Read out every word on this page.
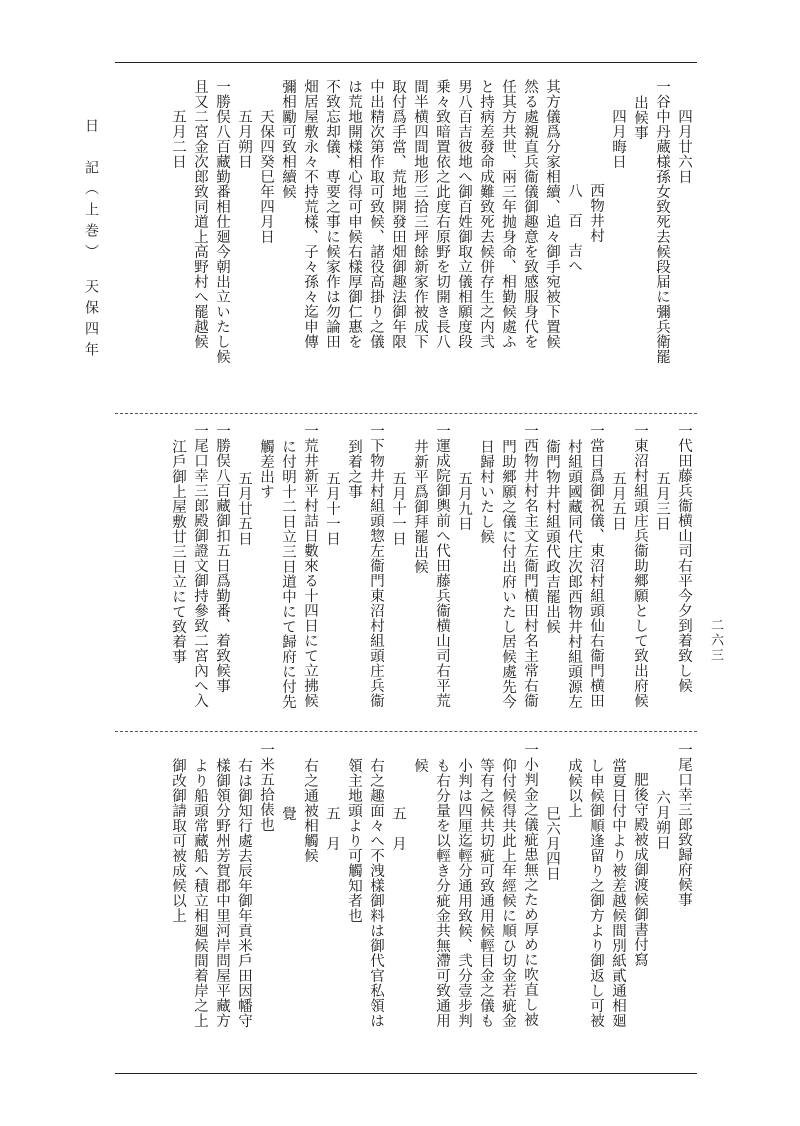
日　記（上巻）　天保四年
二六三
四月廿六日
一谷中丹蔵様孫女致死去候段届に彌兵衛罷
出候事
四月晦日
西物井村
八　百　吉へ
其方儀爲分家相續、追々御手宛被下置候
然る處親直兵衞儀御趣意を致感服身代を
任其方共世、兩三年抛身命、相勤候處ふ
と持病差發命成難致死去候併存生之内弐
男八百吉彼地へ御百姓御取立儀相願度段
乗々致暗置依之此度右原野を切開き長八
間半横四間地形三拾三坪餘新家作被成下
取付爲手當、荒地開發田畑御趣法御年限
中出精次第作取可致候、諸役高掛り之儀
は荒地開樣相心得可申候右樣厚御仁惠を
不致忘却儀、専要之事に候家作は勿論田
畑居屋敷永々不持荒樣、子々孫々迄申傳
彌相勵可致相續候
天保四癸巳年四月日
五月朔日
一勝俣八百藏勤番相仕廻今朝出立いたし候
且又二宮金次郎致同道上高野村へ罷越候
五月二日
一代田藤兵衞横山司右平今夕到着致し候
五月三日
一東沼村組頭庄兵衞助郷願として致出府候
五月五日
一當日爲御祝儀、東沼村組頭仙右衞門横田
村組頭國藏同代庄次郎西物井村組頭源左
衞門物井村組頭代政吉罷出候
一西物井村名主文左衞門横田村名主常右衞
門助郷願之儀に付出府いたし居候處先今
日歸村いたし候
五月九日
一運成院御輿前へ代田藤兵衞横山司右平荒
井新平爲御拜罷出候
五月十一日
一下物井村組頭惣左衞門東沼村組頭庄兵衞
到着之事
五月十一日
一荒井新平村詰日數來る十四日にて立拂候
に付明十二日立三日道中にて歸府に付先
觸差出す
五月廿五日
一勝俣八百藏御扣五日爲勤番、着致候事
一尾口幸三郎殿御證文御持參致二宮內へ入
江戶御上屋敷廿三日立にて致着事
一尾口幸三郎致歸府候事
六月朔日
肥後守殿被成御渡候御書付寫
當夏日付中より被差越候間別紙貳通相廻
し申候御順逢留り之御方より御返し可被
成候以上
巳六月四日
一小判金之儀疵患無之ため厚めに吹直し被
仰付候得共此上年經候に順ひ切金若疵金
等有之候共切疵可致通用候輕目金之儀も
小判は四厘迄輕分通用致候、弐分壹步判
も右分量を以輕き分疵金共無滯可致通用
候
五　月
右之趣面々へ不洩樣御料は御代官私領は
領主地頭より可觸知者也
五　月
右之通被相觸候
覺
一米五拾俵也
右は御知行處去辰年御年貢米戶田因幡守
樣御領分野州芳賀郡中里河岸問屋平藏方
より船頭常藏船へ積立相廻候間着岸之上
御改御請取可被成候以上
